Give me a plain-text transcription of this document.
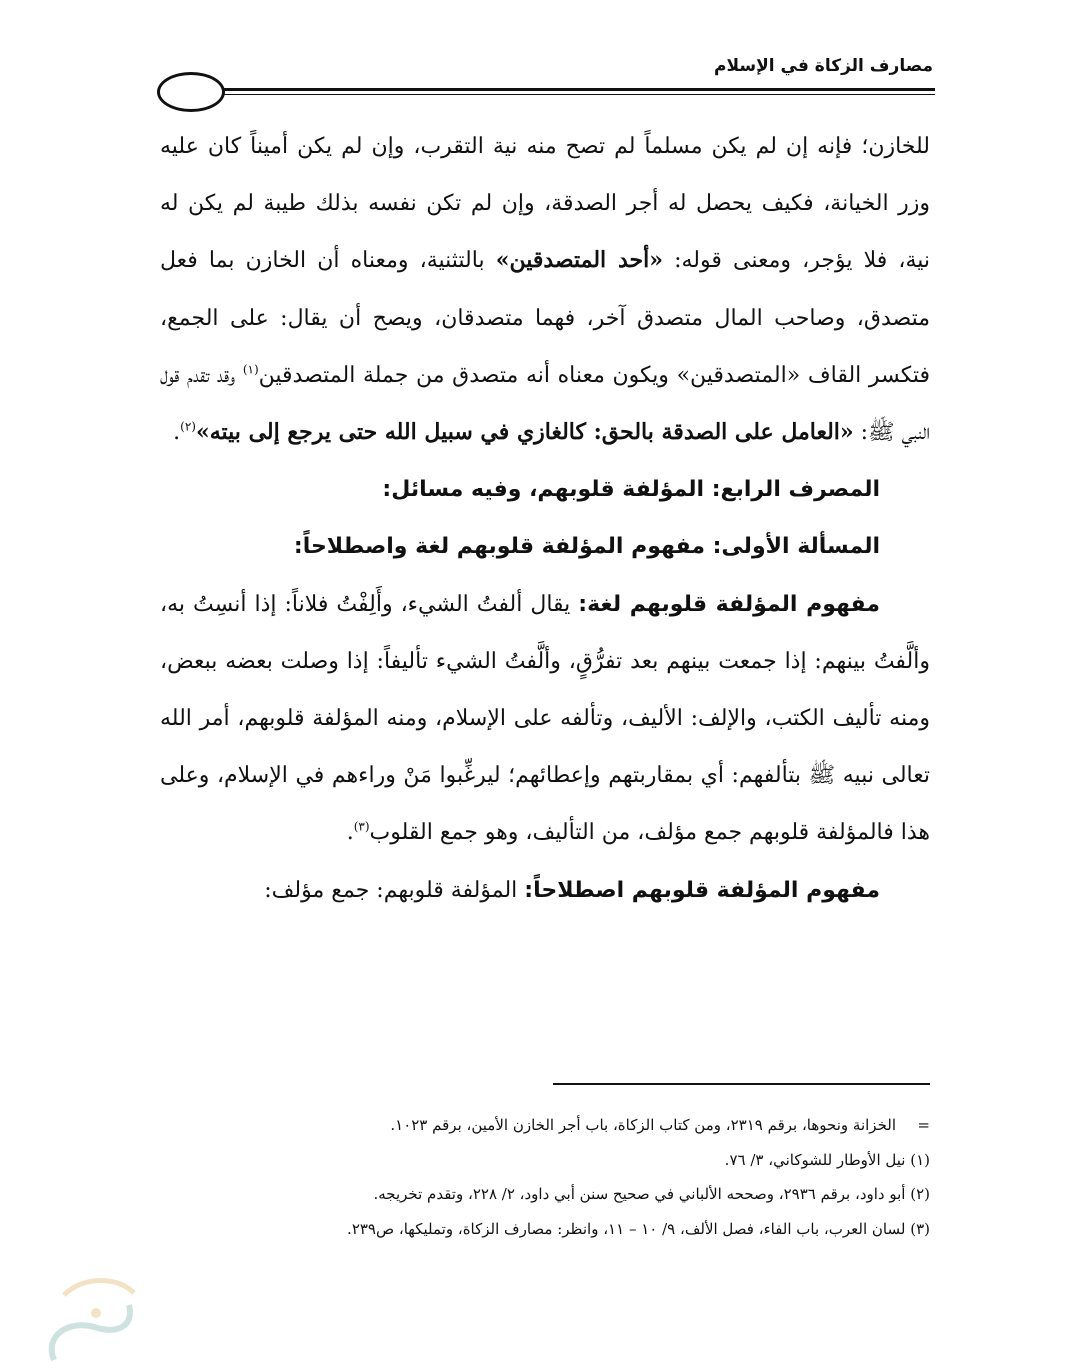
مصارف الزكاة في الإسلام

للخازن؛ فإنه إن لم يكن مسلماً لم تصح منه نية التقرب، وإن لم يكن أميناً كان عليه وزر الخيانة، فكيف يحصل له أجر الصدقة، وإن لم تكن نفسه بذلك طيبة لم يكن له نية، فلا يؤجر، ومعنى قوله: «أحد المتصدقين» بالتثنية، ومعناه أن الخازن بما فعل متصدق، وصاحب المال متصدق آخر، فهما متصدقان، ويصح أن يقال: على الجمع، فتكسر القاف «المتصدقين» ويكون معناه أنه متصدق من جملة المتصدقين$^{(١)}$ وقد تقدم قول النبي ﷺ: «العامل على الصدقة بالحق: كالغازي في سبيل الله حتى يرجع إلى بيته»$^{(٢)}$.

المصرف الرابع: المؤلفة قلوبهم، وفيه مسائل:

المسألة الأولى: مفهوم المؤلفة قلوبهم لغة واصطلاحاً:

مفهوم المؤلفة قلوبهم لغة: يقال ألفتُ الشيء، وأَلِفْتُ فلاناً: إذا أنسِتُ به، وألَّفتُ بينهم: إذا جمعت بينهم بعد تفرُّقٍ، وألَّفتُ الشيء تأليفاً: إذا وصلت بعضه ببعض، ومنه تأليف الكتب، والإلف: الأليف، وتألفه على الإسلام، ومنه المؤلفة قلوبهم، أمر الله تعالى نبيه ﷺ بتألفهم: أي بمقاربتهم وإعطائهم؛ ليرغِّبوا مَنْ وراءهم في الإسلام، وعلى هذا فالمؤلفة قلوبهم جمع مؤلف، من التأليف، وهو جمع القلوب$^{(٣)}$.

مفهوم المؤلفة قلوبهم اصطلاحاً: المؤلفة قلوبهم: جمع مؤلف:

=
الخزانة ونحوها، برقم ٢٣١٩، ومن كتاب الزكاة، باب أجر الخازن الأمين، برقم ١٠٢٣.

(١) نيل الأوطار للشوكاني، ٣/ ٧٦.

(٢) أبو داود، برقم ٢٩٣٦، وصححه الألباني في صحيح سنن أبي داود، ٢/ ٢٢٨، وتقدم تخريجه.

(٣) لسان العرب، باب الفاء، فصل الألف، ٩/ ١٠ – ١١، وانظر: مصارف الزكاة، وتمليكها، ص٢٣٩.
